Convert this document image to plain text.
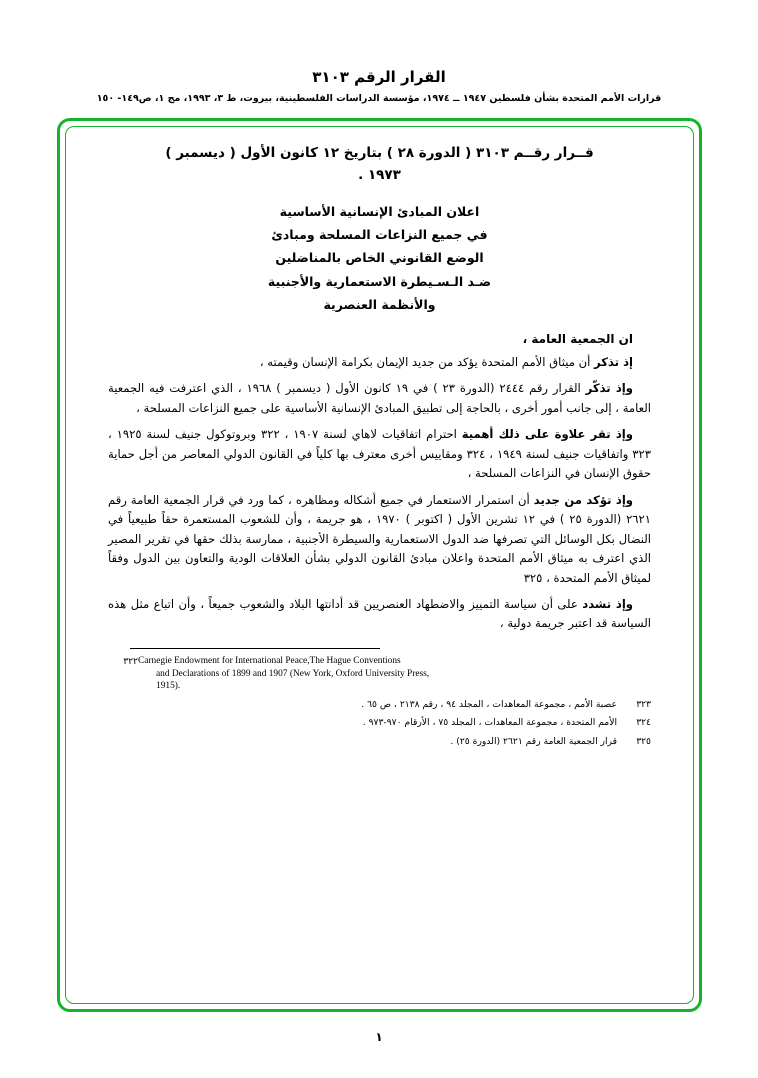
القرار الرقم ٣١٠٣
قرارات الأمم المتحدة بشأن فلسطين ١٩٤٧ ــ ١٩٧٤، مؤسسة الدراسات الفلسطينية، بيروت، ط ٣، ١٩٩٣، مج ١، ص١٤٩- ١٥٠
قــرار رقــم ٣١٠٣ ( الدورة ٢٨ ) بتاريخ ١٢ كانون الأول ( ديسمبر )
١٩٧٣ .
اعلان المبادئ الإنسانية الأساسية
في جميع النزاعات المسلحة ومبادئ
الوضع القانوني الخاص بالمناضلين
ضـد الـسـيطرة الاستعمارية والأجنبية
والأنظمة العنصرية
ان الجمعية العامة ،
إذ تذكر أن ميثاق الأمم المتحدة يؤكد من جديد الإيمان بكرامة الإنسان وقيمته ،
وإذ تذكّر القرار رقم ٢٤٤٤ (الدورة ٢٣ ) في ١٩ كانون الأول ( ديسمبر ) ١٩٦٨ ، الذي اعترفت فيه الجمعية العامة ، إلى جانب أمور أخرى ، بالحاجة إلى تطبيق المبادئ الإنسانية الأساسية على جميع النزاعات المسلحة ،
وإذ تقر علاوة على ذلك أهمية احترام اتفاقيات لاهاي لسنة ١٩٠٧ ، ٣٢٢ وبروتوكول جنيف لسنة ١٩٢٥ ، ٣٢٣ واتفاقيات جنيف لسنة ١٩٤٩ ، ٣٢٤ ومقاييس أخرى معترف بها كلياً في القانون الدولي المعاصر من أجل حماية حقوق الإنسان في النزاعات المسلحة ،
وإذ تؤكد من جديد أن استمرار الاستعمار في جميع أشكاله ومظاهره ، كما ورد في قرار الجمعية العامة رقم ٢٦٢١ (الدورة ٢٥ ) في ١٢ تشرين الأول ( اكتوبر ) ١٩٧٠ ، هو جريمة ، وأن للشعوب المستعمرة حقاً طبيعياً في النضال بكل الوسائل التي تصرفها ضد الدول الاستعمارية والسيطرة الأجنبية ، ممارسة بذلك حقها في تقرير المصير الذي اعترف به ميثاق الأمم المتحدة واعلان مبادئ القانون الدولي بشأن العلاقات الودية والتعاون بين الدول وفقاً لميثاق الأمم المتحدة ، ٣٢٥
وإذ تشدد على أن سياسة التمييز والاضطهاد العنصريين قد أدانتها البلاد والشعوب جميعاً ، وأن اتباع مثل هذه السياسة قد اعتبر جريمة دولية ،
٣٢٢ Carnegie Endowment for International Peace,The Hague Conventions
and Declarations of 1899 and 1907 (New York, Oxford University Press,
1915).
٣٢٣
عصبة الأمم ، مجموعة المعاهدات ، المجلد ٩٤ ، رقم ٢١٣٨ ، ص ٦٥ .
٣٢٤
الأمم المتحدة ، مجموعة المعاهدات ، المجلد ٧٥ ، الأرقام ٩٧٠-٩٧٣ .
٣٢٥
قرار الجمعية العامة رقم ٢٦٢١ (الدورة ٢٥) .
١
